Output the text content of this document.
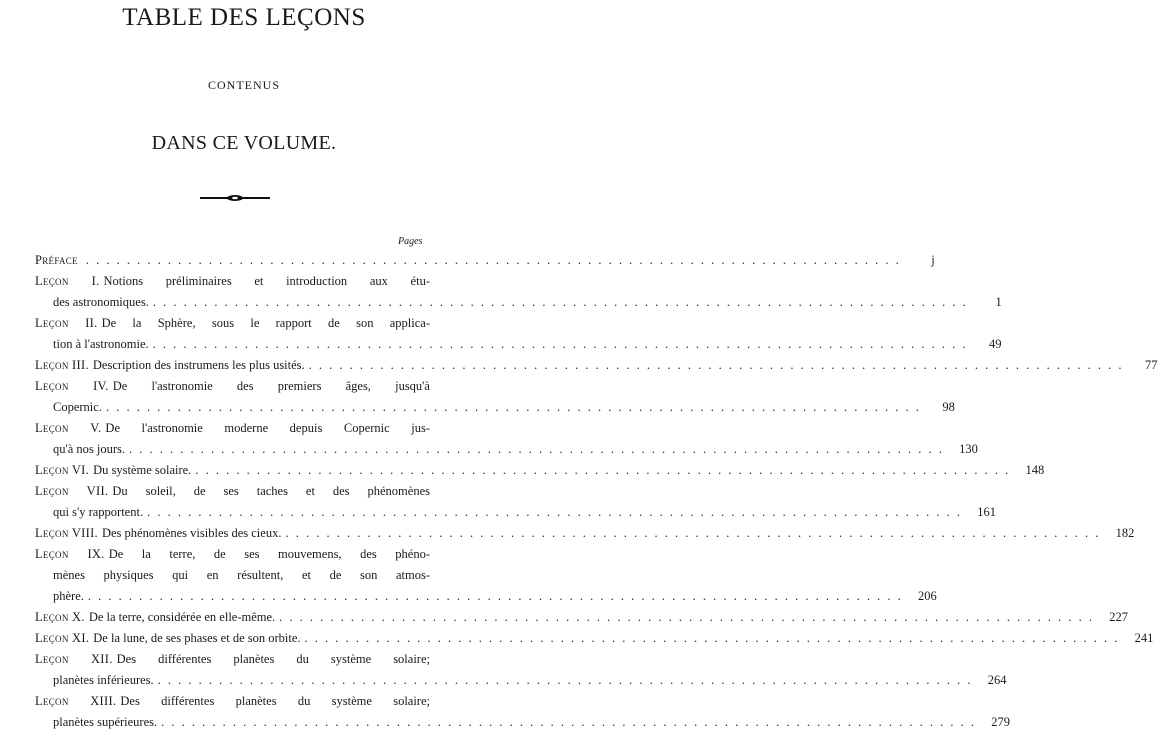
TABLE DES LEÇONS
CONTENUS
DANS CE VOLUME.
Pages
Préface . . . . . . . . . . . . . . . . . . . . . . . . . . . . . . . . . . . . . . . . . . . . . . . . . . . . . . . . . . . . . . . . . . . . . . . . . . . . . . . .	j
Leçon I. Notions préliminaires et introduction aux étu-
des astronomiques. . . . . . . . . . . . . . . . . . . . . . . . . . . . . . . . . . . . . . . . . . . . . . . . . . . . . . . . . . . . . . . . . . . . . . . . . . . . . . . . .	1
Leçon II. De la Sphère, sous le rapport de son applica-
tion à l'astronomie. . . . . . . . . . . . . . . . . . . . . . . . . . . . . . . . . . . . . . . . . . . . . . . . . . . . . . . . . . . . . . . . . . . . . . . . . . . . . . . . .	49
Leçon III. Description des instrumens les plus usités. . . . . . . . . . . . . . . . . . . . . . . . . . . . . . . . . . . . . . . . . . . . . . . . . . . . . . . . . . . . . . . . . . . . . . . . . . . . . . . . .	77
Leçon IV. De l'astronomie des premiers âges, jusqu'à
Copernic. . . . . . . . . . . . . . . . . . . . . . . . . . . . . . . . . . . . . . . . . . . . . . . . . . . . . . . . . . . . . . . . . . . . . . . . . . . . . . . . .	98
Leçon V. De l'astronomie moderne depuis Copernic jus-
qu'à nos jours. . . . . . . . . . . . . . . . . . . . . . . . . . . . . . . . . . . . . . . . . . . . . . . . . . . . . . . . . . . . . . . . . . . . . . . . . . . . . . . . .	130
Leçon VI. Du système solaire. . . . . . . . . . . . . . . . . . . . . . . . . . . . . . . . . . . . . . . . . . . . . . . . . . . . . . . . . . . . . . . . . . . . . . . . . . . . . . . . .	148
Leçon VII. Du soleil, de ses taches et des phénomènes
qui s'y rapportent. . . . . . . . . . . . . . . . . . . . . . . . . . . . . . . . . . . . . . . . . . . . . . . . . . . . . . . . . . . . . . . . . . . . . . . . . . . . . . . . .	161
Leçon VIII. Des phénomènes visibles des cieux. . . . . . . . . . . . . . . . . . . . . . . . . . . . . . . . . . . . . . . . . . . . . . . . . . . . . . . . . . . . . . . . . . . . . . . . . . . . . . . . .	182
Leçon IX. De la terre, de ses mouvemens, des phéno-
mènes physiques qui en résultent, et de son atmos-
phère. . . . . . . . . . . . . . . . . . . . . . . . . . . . . . . . . . . . . . . . . . . . . . . . . . . . . . . . . . . . . . . . . . . . . . . . . . . . . . . . .	206
Leçon X. De la terre, considérée en elle-même. . . . . . . . . . . . . . . . . . . . . . . . . . . . . . . . . . . . . . . . . . . . . . . . . . . . . . . . . . . . . . . . . . . . . . . . . . . . . . . . .	227
Leçon XI. De la lune, de ses phases et de son orbite. . . . . . . . . . . . . . . . . . . . . . . . . . . . . . . . . . . . . . . . . . . . . . . . . . . . . . . . . . . . . . . . . . . . . . . . . . . . . . . . .	241
Leçon XII. Des différentes planètes du système solaire;
planètes inférieures. . . . . . . . . . . . . . . . . . . . . . . . . . . . . . . . . . . . . . . . . . . . . . . . . . . . . . . . . . . . . . . . . . . . . . . . . . . . . . . . .	264
Leçon XIII. Des différentes planètes du système solaire;
planètes supérieures. . . . . . . . . . . . . . . . . . . . . . . . . . . . . . . . . . . . . . . . . . . . . . . . . . . . . . . . . . . . . . . . . . . . . . . . . . . . . . . . .	279
